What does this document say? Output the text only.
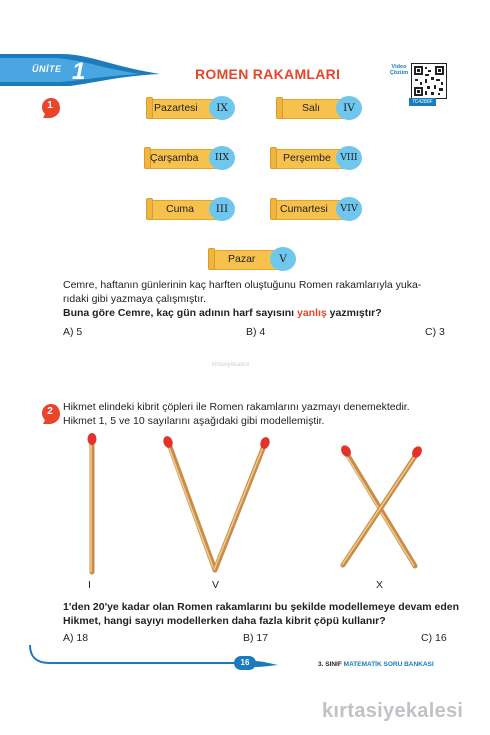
ÜNİTE 1	ROMEN RAKAMLARI	Video Çözüm
7C4280F
1	Pazartesi	IX	Salı	IV
Çarşamba	IIX	Perşembe	VIII
Cuma	III	Cumartesi	VIV
Pazar	V
Cemre, haftanın günlerinin kaç harften oluştuğunu Romen rakamlarıyla yuka-
rıdaki gibi yazmaya çalışmıştır.
Buna göre Cemre, kaç gün adının harf sayısını yanlış yazmıştır?
A) 5	B) 4	C) 3
kirtasiyekalesi
2 Hikmet elindeki kibrit çöpleri ile Romen rakamlarını yazmayı denemektedir.
Hikmet 1, 5 ve 10 sayılarını aşağıdaki gibi modellemiştir.
I	V	X
1'den 20'ye kadar olan Romen rakamlarını bu şekilde modellemeye devam eden
Hikmet, hangi sayıyı modellerken daha fazla kibrit çöpü kullanır?
A) 18	B) 17	C) 16
16	3. SINIF MATEMATİK SORU BANKASI
kırtasiyekalesi
